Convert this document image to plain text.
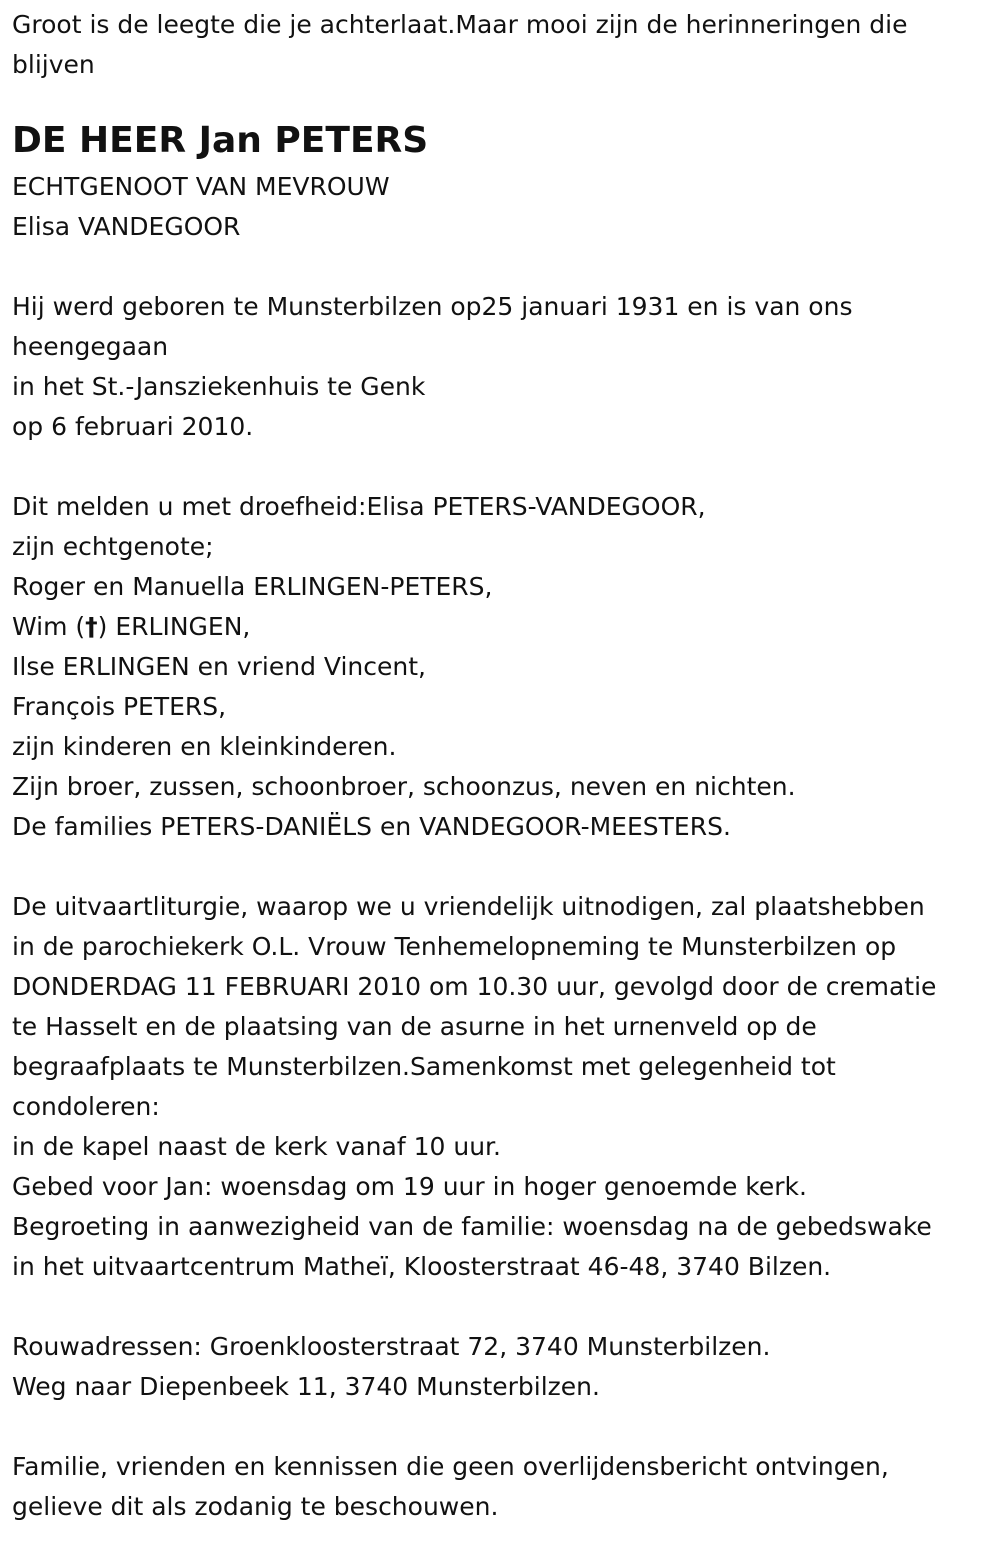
Groot is de leegte die je achterlaat.Maar mooi zijn de herinneringen die
blijven
DE HEER Jan PETERS
ECHTGENOOT VAN MEVROUW
Elisa VANDEGOOR
Hij werd geboren te Munsterbilzen op25 januari 1931 en is van ons
heengegaan
in het St.-Jansziekenhuis te Genk
op 6 februari 2010.
Dit melden u met droefheid:Elisa PETERS-VANDEGOOR,
zijn echtgenote;
Roger en Manuella ERLINGEN-PETERS,
Wim (†) ERLINGEN,
Ilse ERLINGEN en vriend Vincent,
François PETERS,
zijn kinderen en kleinkinderen.
Zijn broer, zussen, schoonbroer, schoonzus, neven en nichten.
De families PETERS-DANIËLS en VANDEGOOR-MEESTERS.
De uitvaartliturgie, waarop we u vriendelijk uitnodigen, zal plaatshebben
in de parochiekerk O.L. Vrouw Tenhemelopneming te Munsterbilzen op
DONDERDAG 11 FEBRUARI 2010 om 10.30 uur, gevolgd door de crematie
te Hasselt en de plaatsing van de asurne in het urnenveld op de
begraafplaats te Munsterbilzen.Samenkomst met gelegenheid tot
condoleren:
in de kapel naast de kerk vanaf 10 uur.
Gebed voor Jan: woensdag om 19 uur in hoger genoemde kerk.
Begroeting in aanwezigheid van de familie: woensdag na de gebedswake
in het uitvaartcentrum Matheï, Kloosterstraat 46-48, 3740 Bilzen.
Rouwadressen: Groenkloosterstraat 72, 3740 Munsterbilzen.
Weg naar Diepenbeek 11, 3740 Munsterbilzen.
Familie, vrienden en kennissen die geen overlijdensbericht ontvingen,
gelieve dit als zodanig te beschouwen.
